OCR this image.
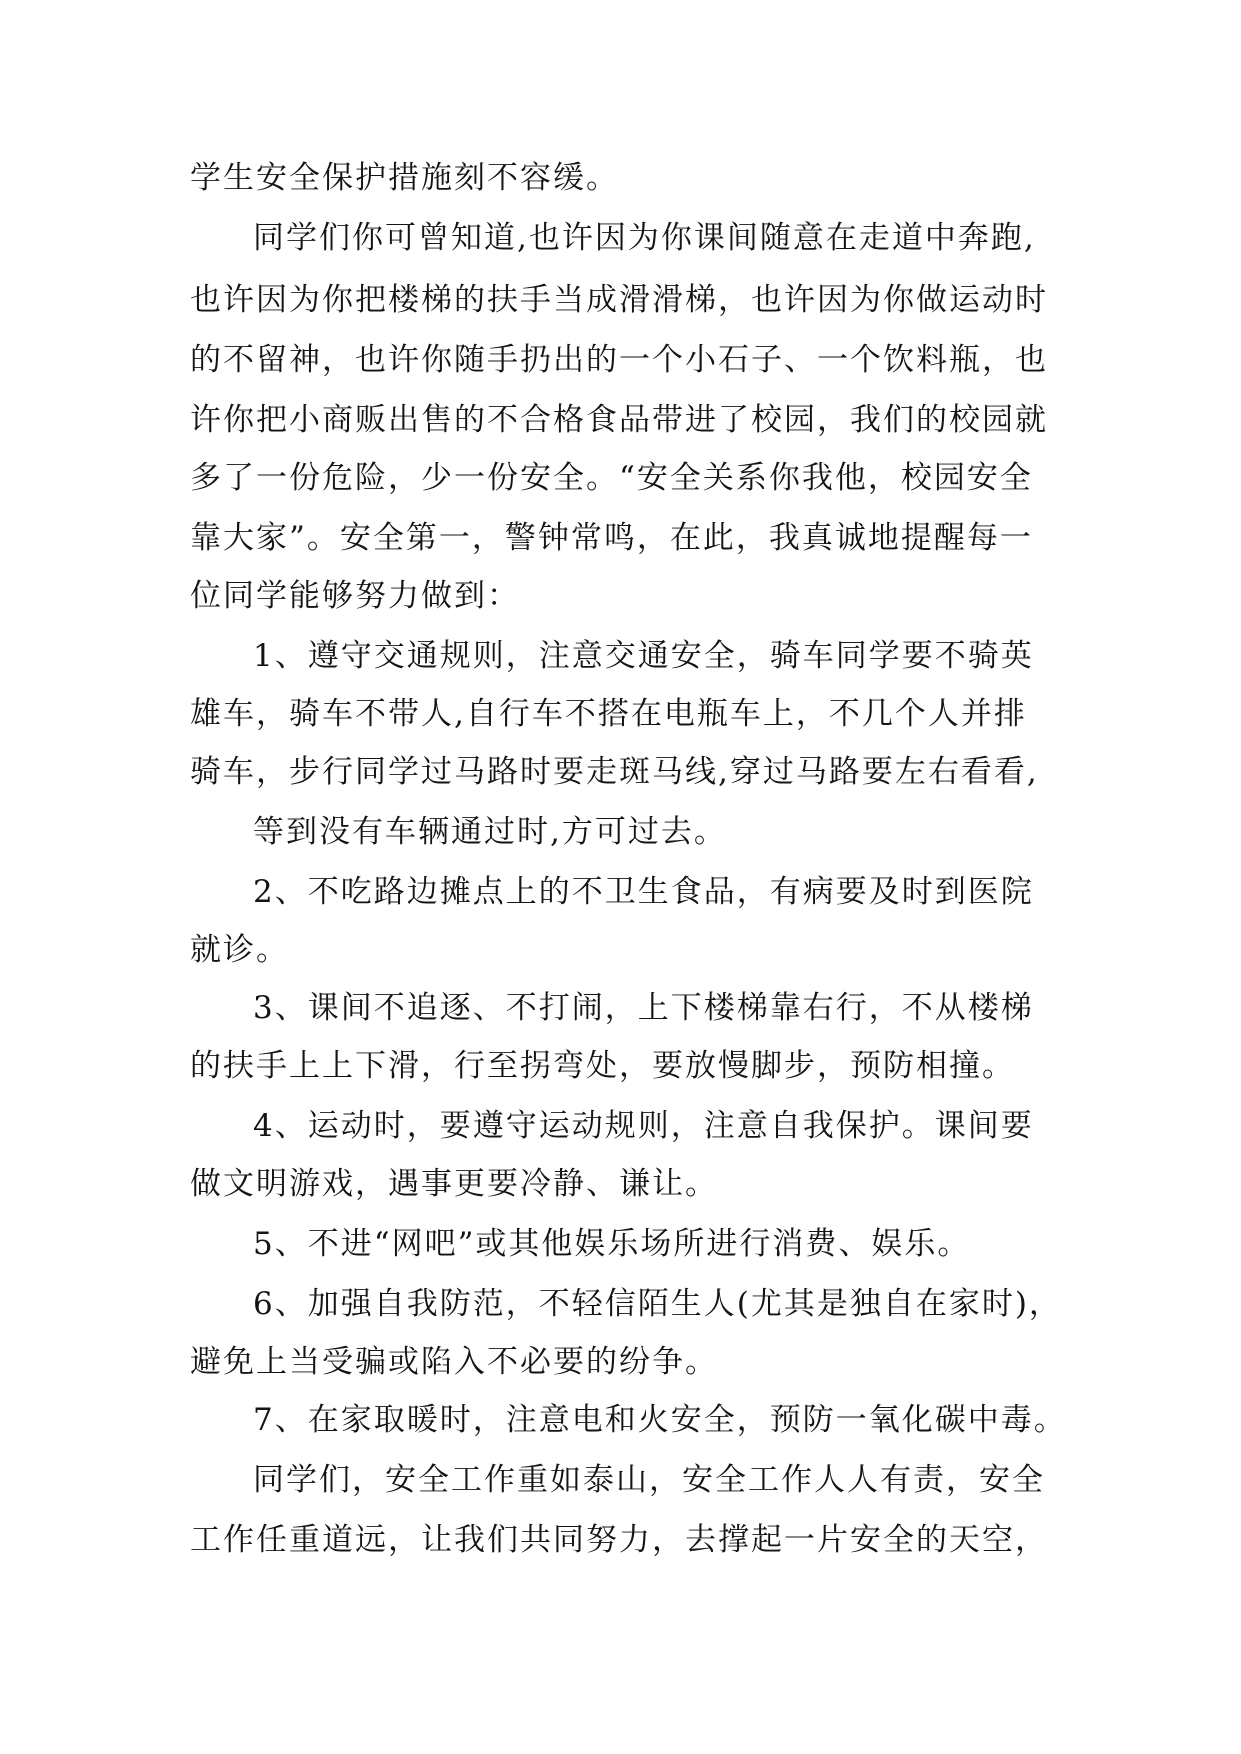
学生安全保护措施刻不容缓。
同学们你可曾知道,也许因为你课间随意在走道中奔跑,
也许因为你把楼梯的扶手当成滑滑梯，也许因为你做运动时
的不留神，也许你随手扔出的一个小石子、一个饮料瓶，也
许你把小商贩出售的不合格食品带进了校园，我们的校园就
多了一份危险，少一份安全。“安全关系你我他，校园安全
靠大家”。安全第一，警钟常鸣，在此，我真诚地提醒每一
位同学能够努力做到：
1、遵守交通规则，注意交通安全，骑车同学要不骑英
雄车，骑车不带人,自行车不搭在电瓶车上，不几个人并排
骑车，步行同学过马路时要走斑马线,穿过马路要左右看看,
等到没有车辆通过时,方可过去。
2、不吃路边摊点上的不卫生食品，有病要及时到医院
就诊。
3、课间不追逐、不打闹，上下楼梯靠右行，不从楼梯
的扶手上上下滑，行至拐弯处，要放慢脚步，预防相撞。
4、运动时，要遵守运动规则，注意自我保护。课间要
做文明游戏，遇事更要冷静、谦让。
5、不进“网吧”或其他娱乐场所进行消费、娱乐。
6、加强自我防范，不轻信陌生人(尤其是独自在家时)，
避免上当受骗或陷入不必要的纷争。
7、在家取暖时，注意电和火安全，预防一氧化碳中毒。
同学们，安全工作重如泰山，安全工作人人有责，安全
工作任重道远，让我们共同努力，去撑起一片安全的天空，
